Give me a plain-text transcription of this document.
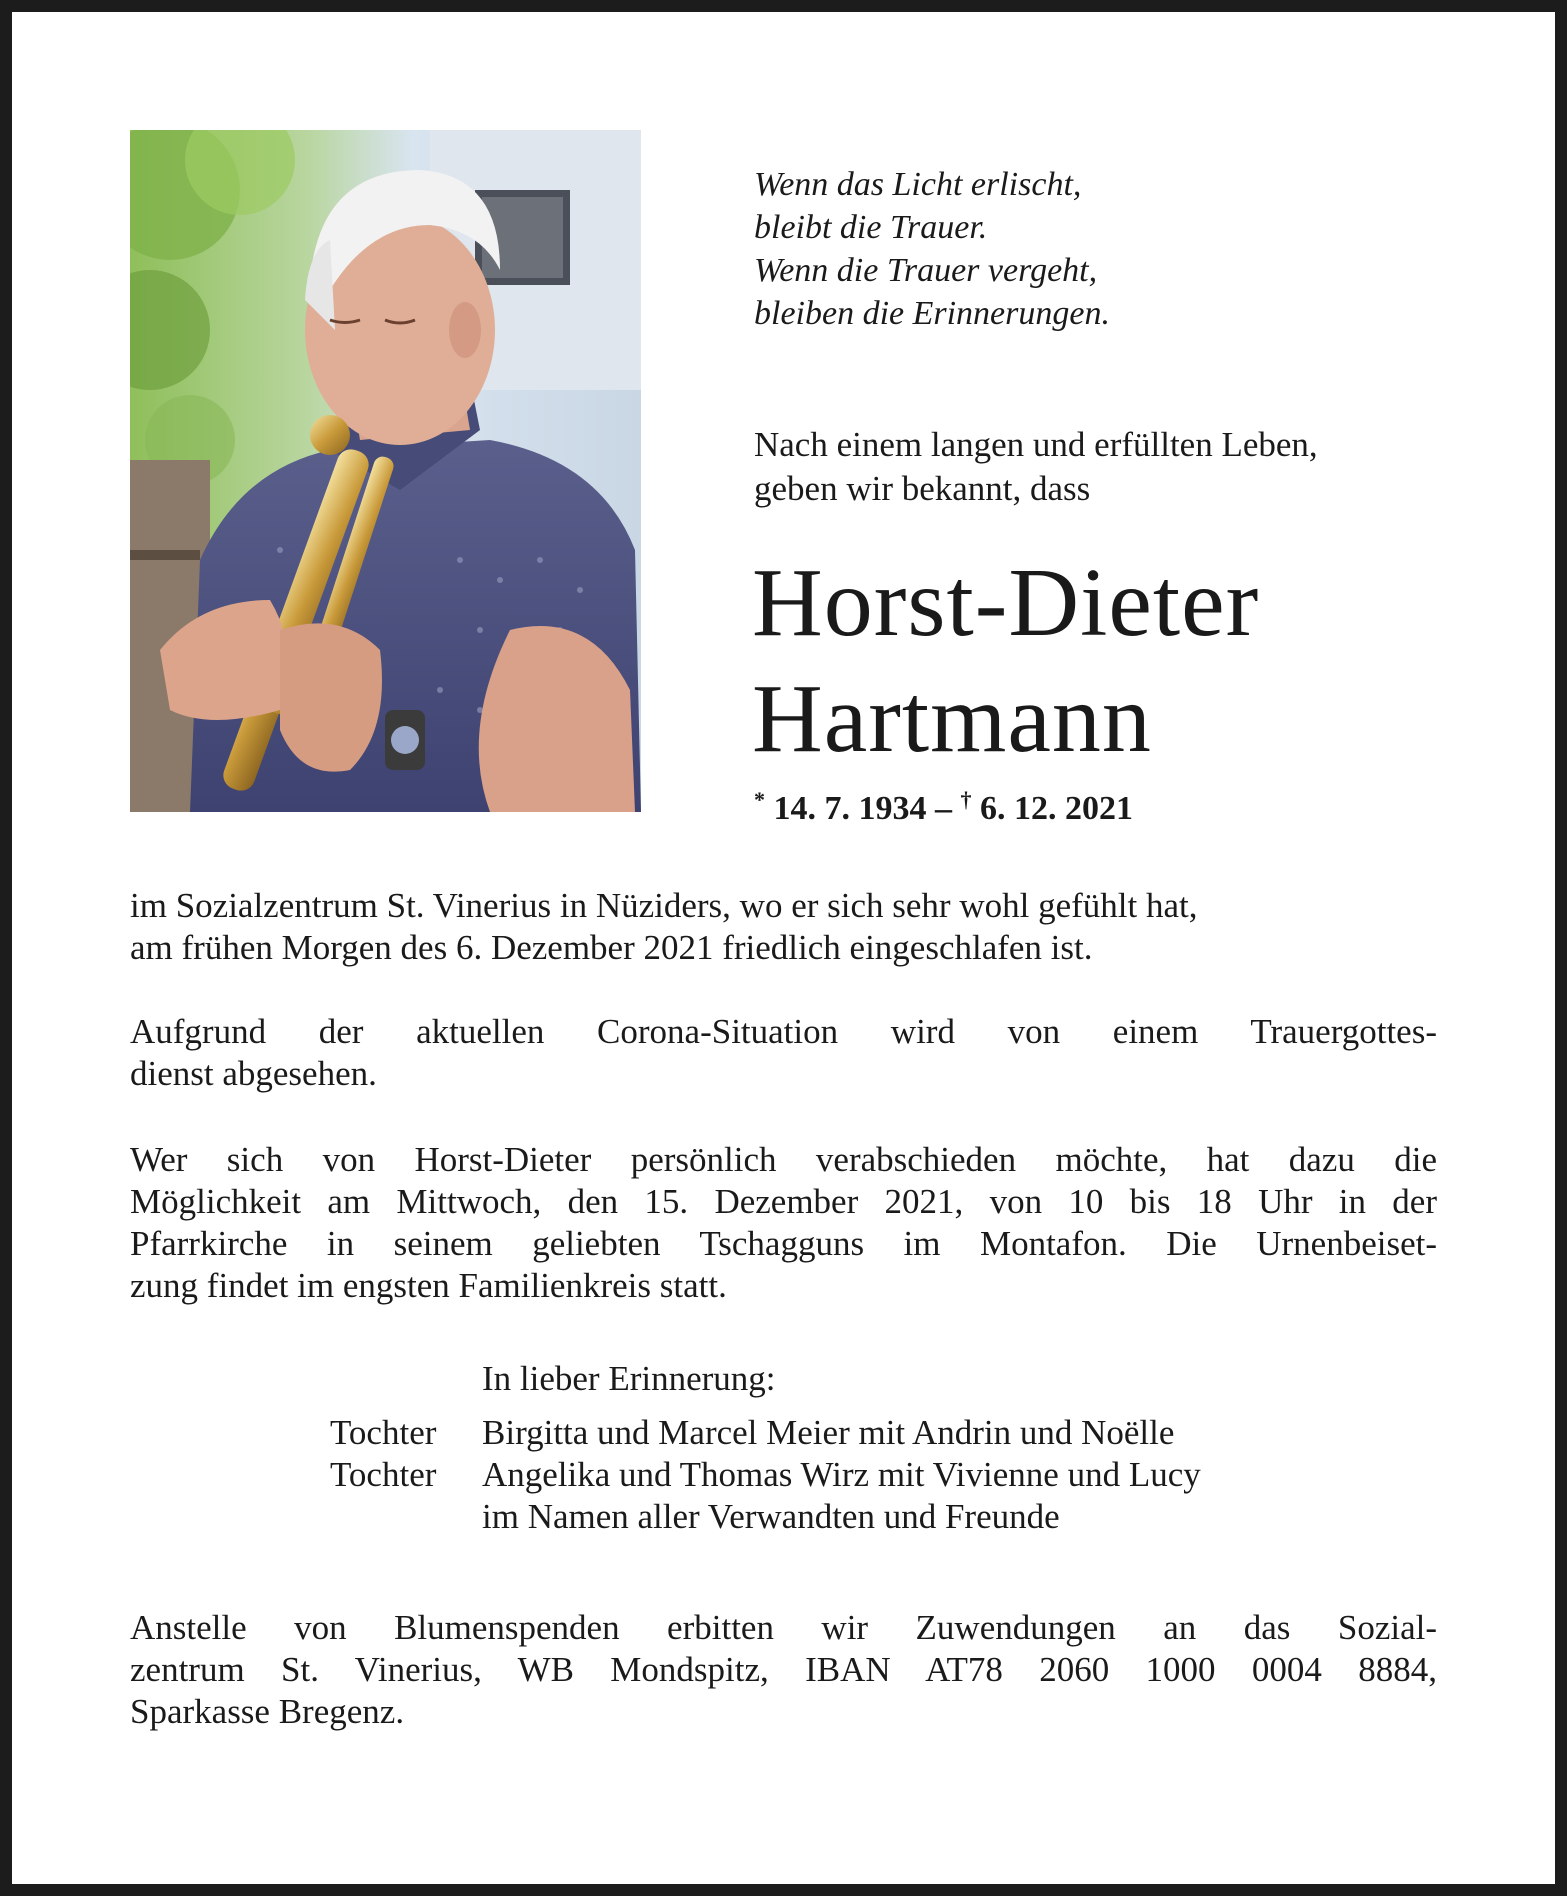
Wenn das Licht erlischt,
bleibt die Trauer.
Wenn die Trauer vergeht,
bleiben die Erinnerungen.
Nach einem langen und erfüllten Leben,
geben wir bekannt, dass
Horst-Dieter
Hartmann
* 14. 7. 1934 – † 6. 12. 2021
im Sozialzentrum St. Vinerius in Nüziders, wo er sich sehr wohl gefühlt hat,
am frühen Morgen des 6. Dezember 2021 friedlich eingeschlafen ist.
Aufgrund der aktuellen Corona-Situation wird von einem Trauergottes-
dienst abgesehen.
Wer sich von Horst-Dieter persönlich verabschieden möchte, hat dazu die
Möglichkeit am Mittwoch, den 15. Dezember 2021, von 10 bis 18 Uhr in der
Pfarrkirche in seinem geliebten Tschagguns im Montafon. Die Urnenbeiset-
zung findet im engsten Familienkreis statt.
In lieber Erinnerung:
Tochter	Birgitta und Marcel Meier mit Andrin und Noëlle
Tochter	Angelika und Thomas Wirz mit Vivienne und Lucy
im Namen aller Verwandten und Freunde
Anstelle von Blumenspenden erbitten wir Zuwendungen an das Sozial-
zentrum St. Vinerius, WB Mondspitz, IBAN AT78 2060 1000 0004 8884,
Sparkasse Bregenz.
